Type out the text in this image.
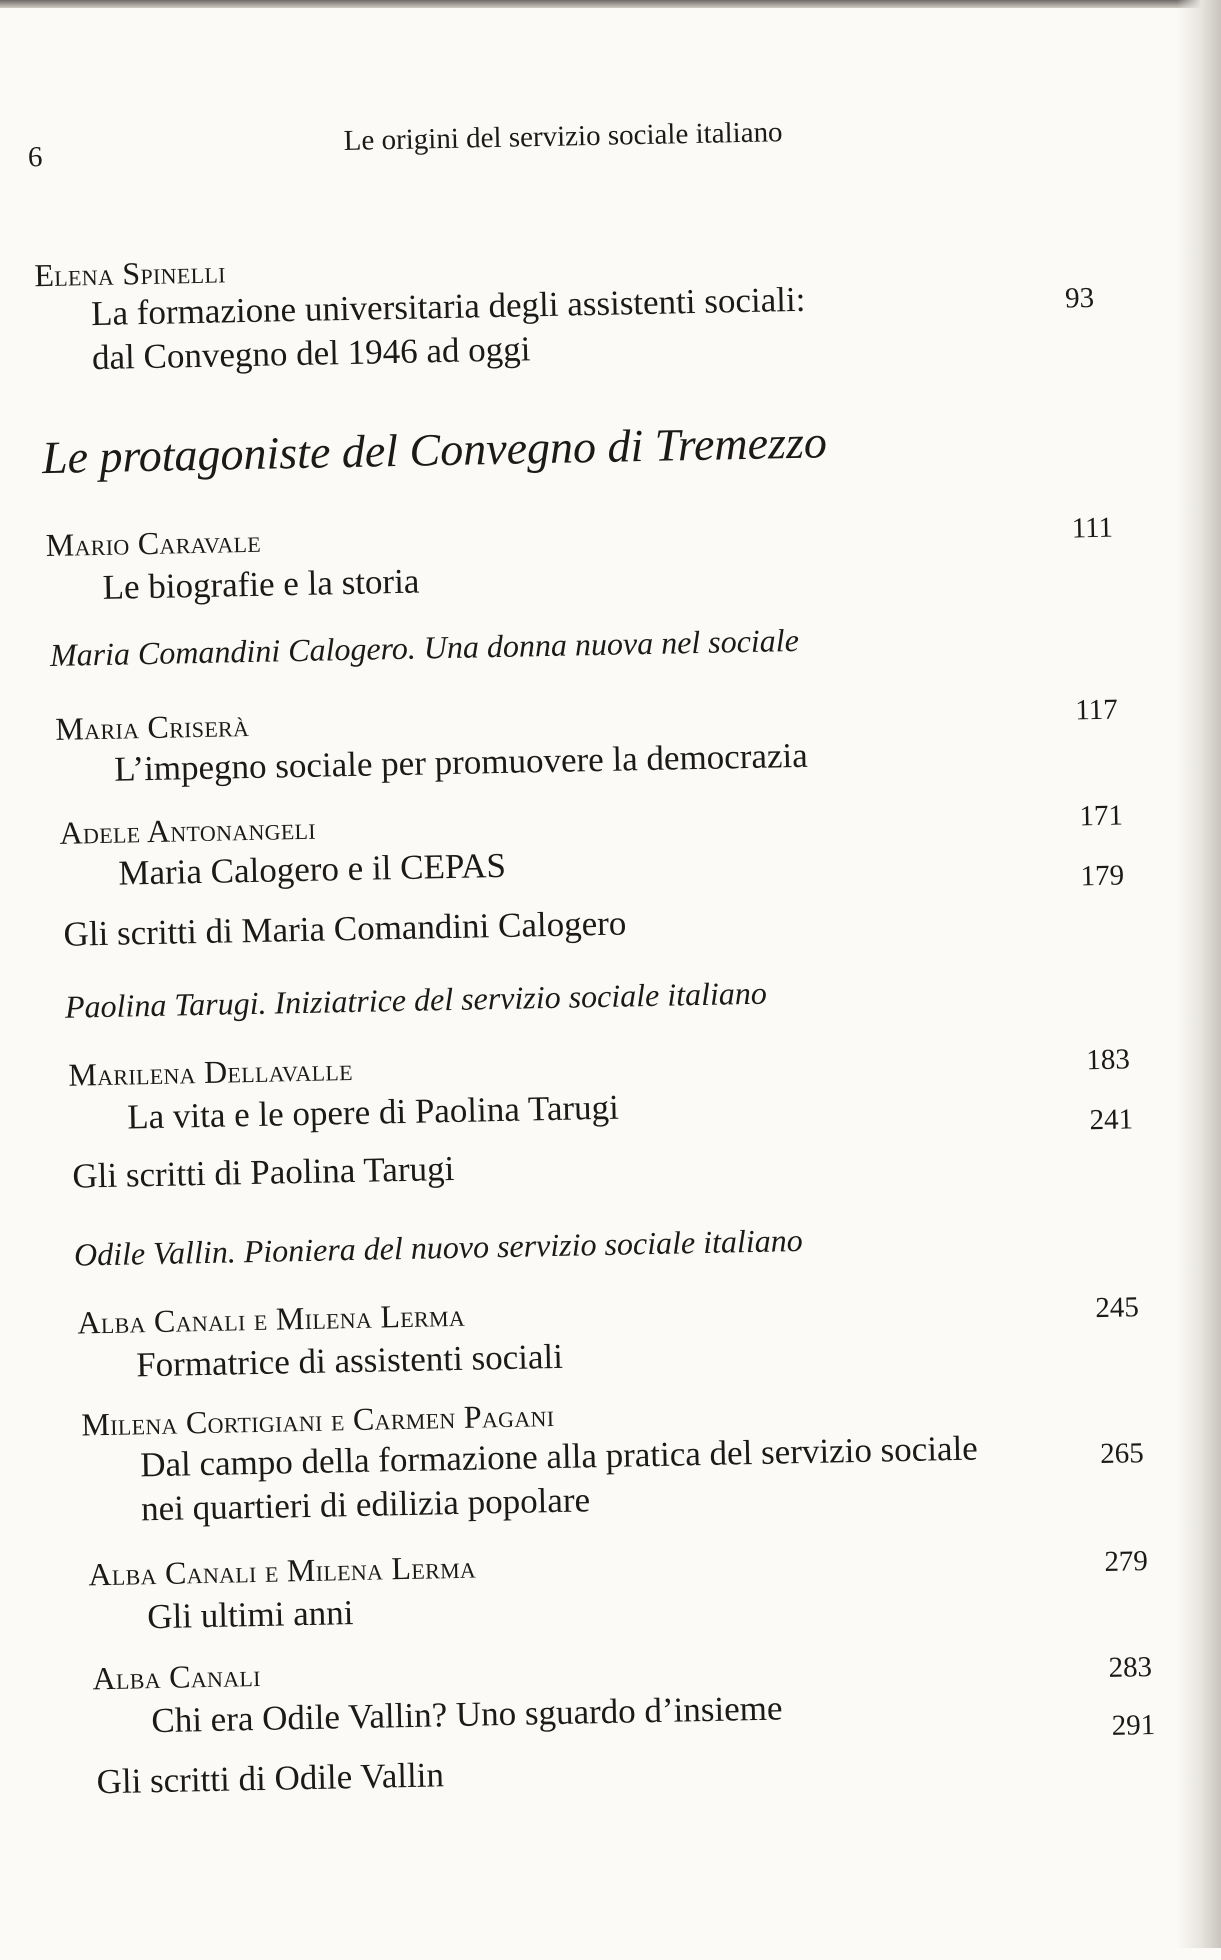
6
Le origini del servizio sociale italiano
Elena Spinelli
La formazione universitaria degli assistenti sociali:
dal Convegno del 1946 ad oggi
93
Le protagoniste del Convegno di Tremezzo
Mario Caravale
Le biografie e la storia
111
Maria Comandini Calogero. Una donna nuova nel sociale
Maria Criserà
L’impegno sociale per promuovere la democrazia
117
Adele Antonangeli
Maria Calogero e il CEPAS
171
Gli scritti di Maria Comandini Calogero
179
Paolina Tarugi. Iniziatrice del servizio sociale italiano
Marilena Dellavalle
La vita e le opere di Paolina Tarugi
183
Gli scritti di Paolina Tarugi
241
Odile Vallin. Pioniera del nuovo servizio sociale italiano
Alba Canali e Milena Lerma
Formatrice di assistenti sociali
245
Milena Cortigiani e Carmen Pagani
Dal campo della formazione alla pratica del servizio sociale
nei quartieri di edilizia popolare
265
Alba Canali e Milena Lerma
Gli ultimi anni
279
Alba Canali
Chi era Odile Vallin? Uno sguardo d’insieme
283
Gli scritti di Odile Vallin
291
